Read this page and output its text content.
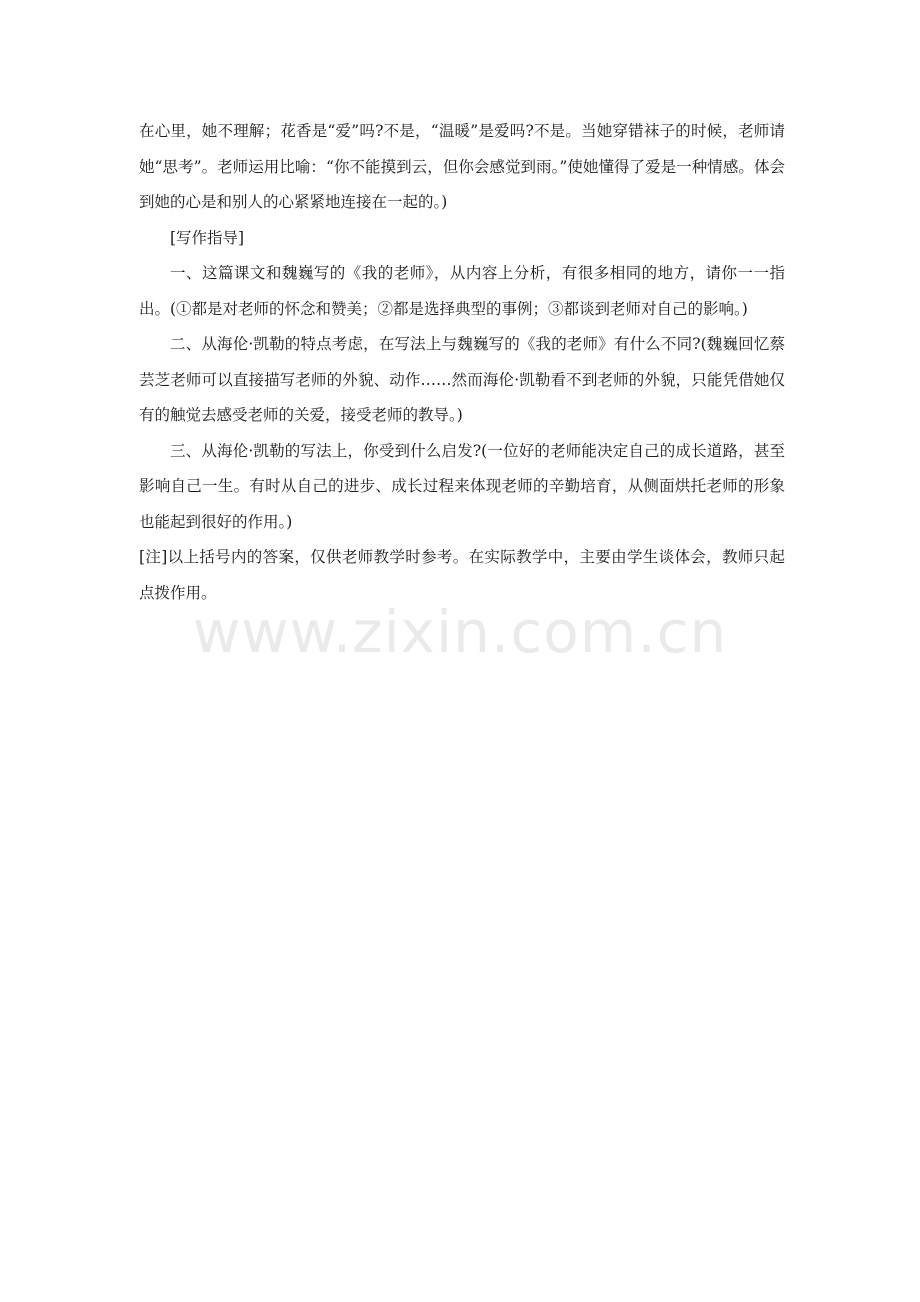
在心里，她不理解；花香是“爱”吗?不是，“温暖”是爱吗?不是。当她穿错袜子的时候，老师请她“思考”。老师运用比喻：“你不能摸到云，但你会感觉到雨。”使她懂得了爱是一种情感。体会到她的心是和别人的心紧紧地连接在一起的。)

[写作指导]

一、这篇课文和魏巍写的《我的老师》，从内容上分析，有很多相同的地方，请你一一指出。(①都是对老师的怀念和赞美；②都是选择典型的事例；③都谈到老师对自己的影响。)

二、从海伦·凯勒的特点考虑，在写法上与魏巍写的《我的老师》有什么不同?(魏巍回忆蔡芸芝老师可以直接描写老师的外貌、动作……然而海伦·凯勒看不到老师的外貌，只能凭借她仅有的触觉去感受老师的关爱，接受老师的教导。)

三、从海伦·凯勒的写法上，你受到什么启发?(一位好的老师能决定自己的成长道路，甚至影响自己一生。有时从自己的进步、成长过程来体现老师的辛勤培育，从侧面烘托老师的形象也能起到很好的作用。)

[注]以上括号内的答案，仅供老师教学时参考。在实际教学中，主要由学生谈体会，教师只起点拨作用。

www.zixin.com.cn
